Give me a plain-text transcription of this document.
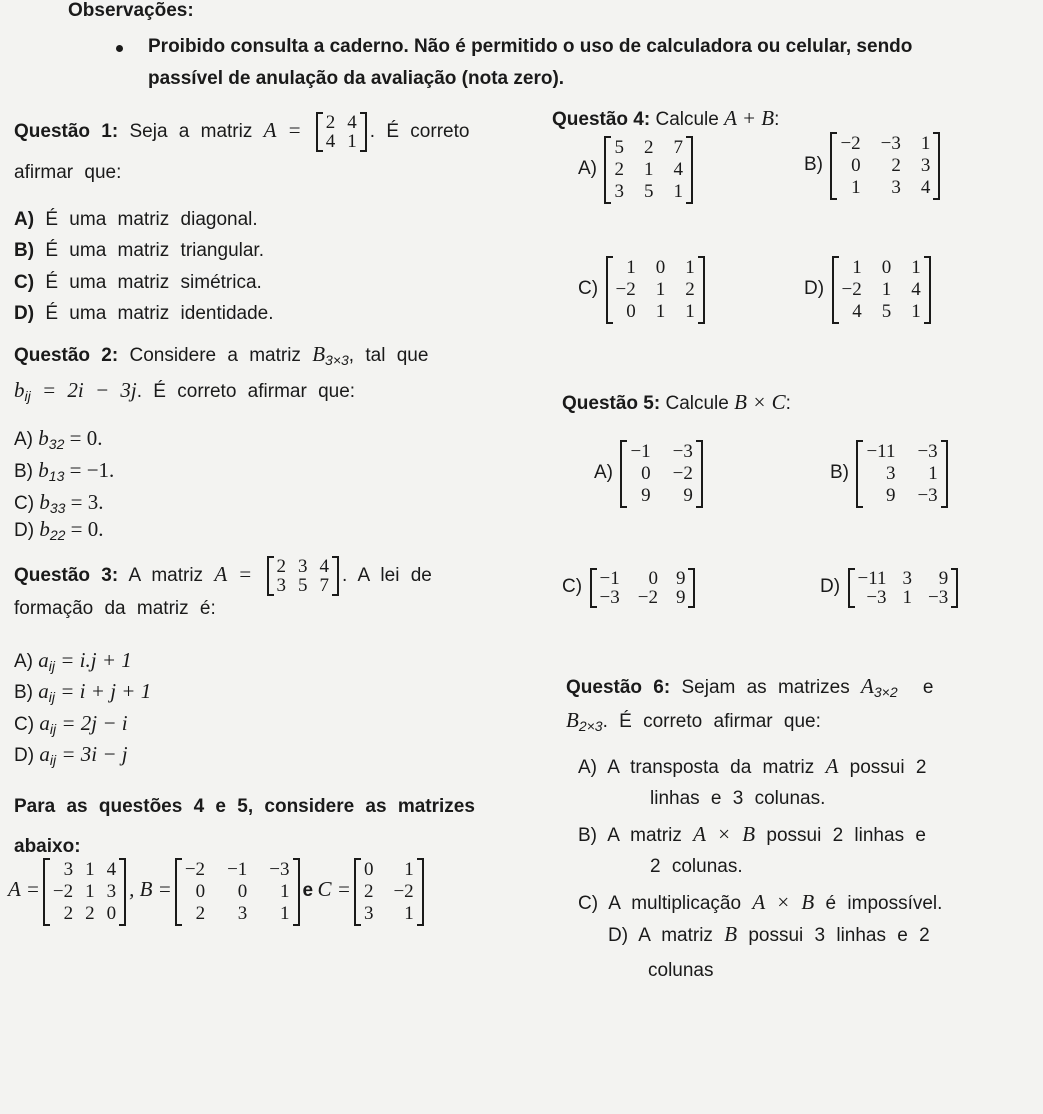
Observações:
Proibido consulta a caderno. Não é permitido o uso de calculadora ou celular, sendo
passível de anulação da avaliação (nota zero).
Questão 1: Seja a matriz A = 2 4
4 1 . É correto
afirmar que:
A) É uma matriz diagonal.
B) É uma matriz triangular.
C) É uma matriz simétrica.
D) É uma matriz identidade.
Questão 2: Considere a matriz $B_{3\times 3}$, tal que
$b_{ij} = 2i - 3j$. É correto afirmar que:
A) $b_{32} = 0$.
B) $b_{13} = -1$.
C) $b_{33} = 3$.
D) $b_{22} = 0$.
Questão 3: A matriz A = 2 3 4
3 5 7 . A lei de
formação da matriz é:
A) $a_{ij} = i.j + 1$
B) $a_{ij} = i + j + 1$
C) $a_{ij} = 2j - i$
D) $a_{ij} = 3i - j$
Para as questões 4 e 5, considere as matrizes
abaixo:
A =
3 1 4
−2 1 3
2 2 0
, B =
−2 −1 −3
0	0	1
2	3	1
e C =
0	1
2 −2
3	1
Questão 4: Calcule A + B:
A)
5 2 7
2 1 4
3 5 1
B)
−2 −3 1
0	2 3
1	3 4
C)
1 0 1
−2 1 2
0 1 1
D)
1 0 1
−2 1 4
4 5 1
Questão 5: Calcule B × C:
A)
−1 −3
0 −2
9	9
B)
−11 −3
3	1
9 −3
C) −1	0 9
−3 −2 9
D) −11 3	9
−3 1 −3
Questão 6: Sejam as matrizes $A_{3\times 2}$ e
$B_{2\times 3}$. É correto afirmar que:
A) A transposta da matriz A possui 2
linhas e 3 colunas.
B) A matriz A × B possui 2 linhas e
2 colunas.
C) A multiplicação A × B é impossível.
D) A matriz B possui 3 linhas e 2
colunas
